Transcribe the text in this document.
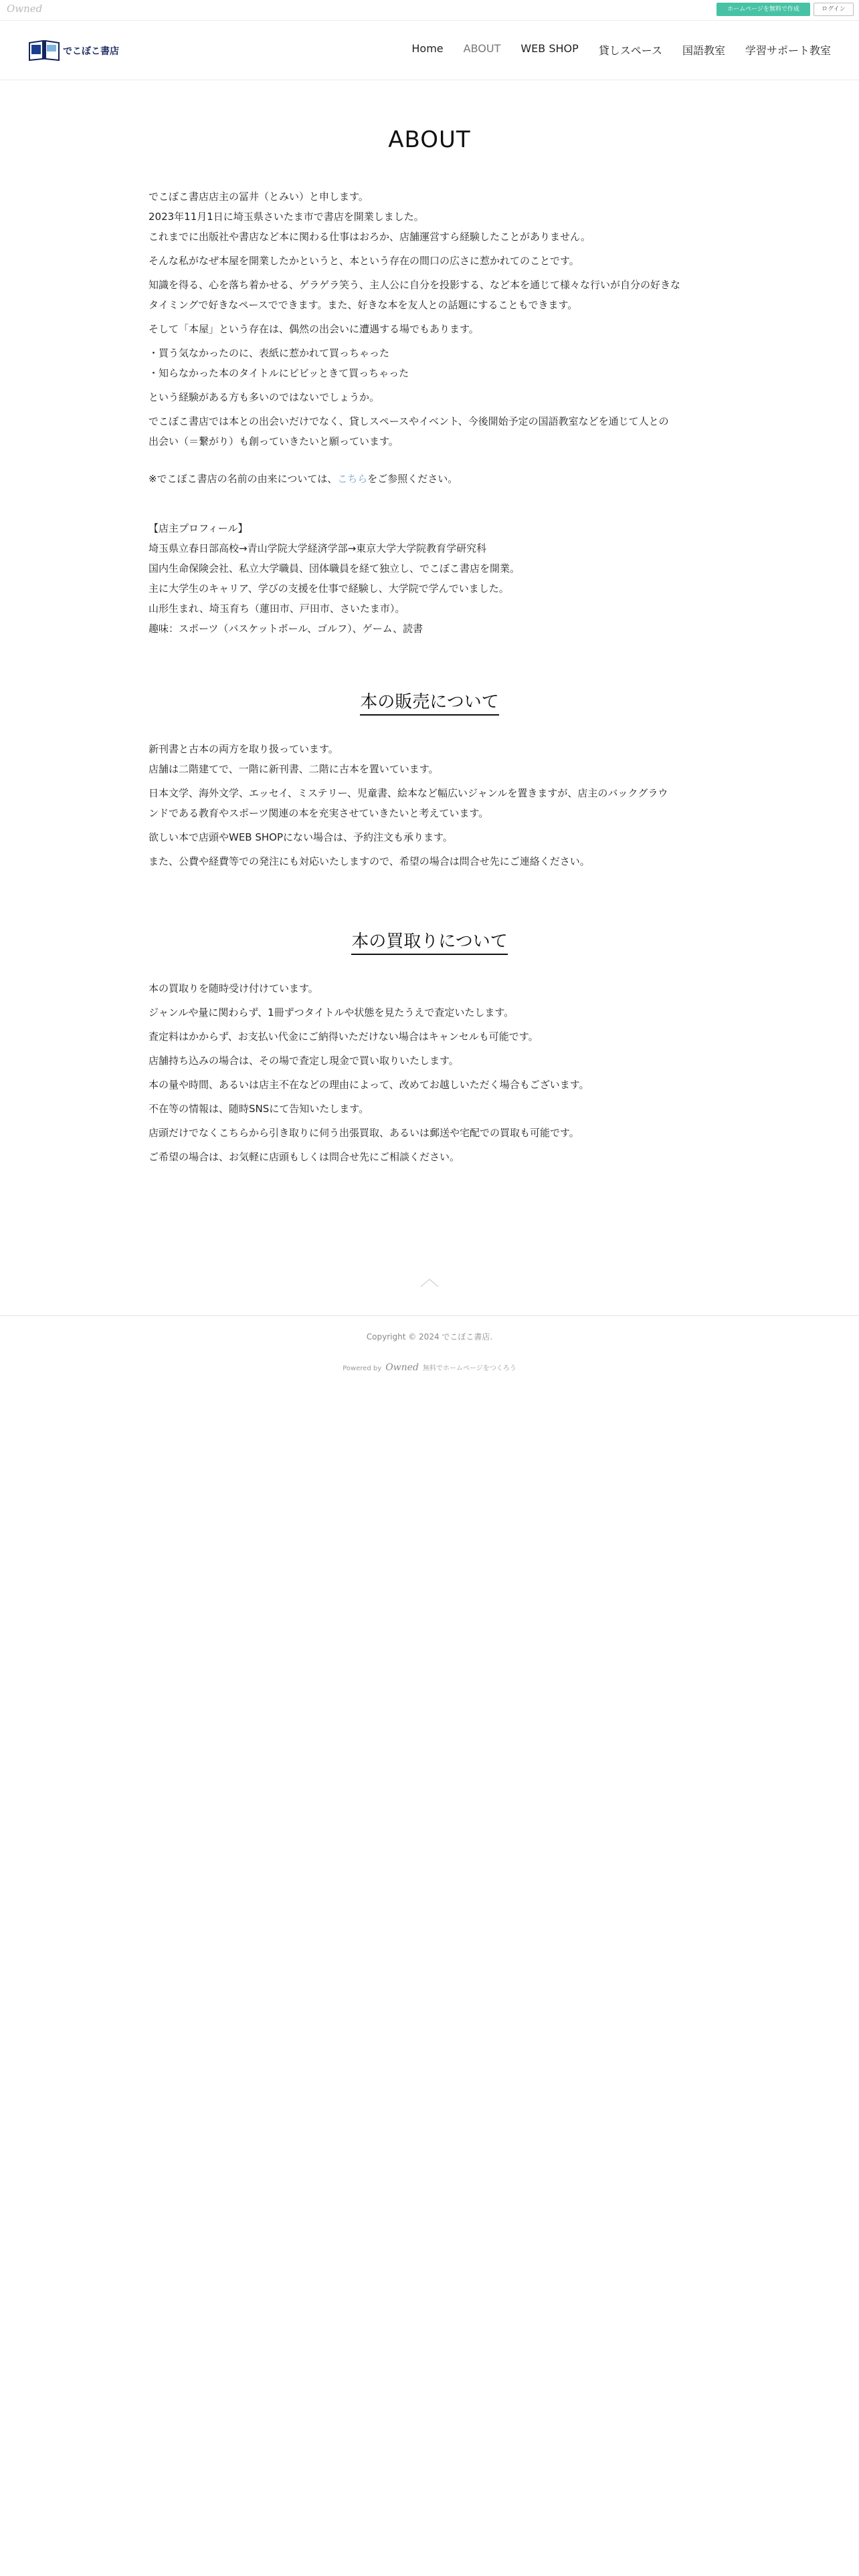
Owned	ホームページを無料で作成	ログイン
でこぼこ書店	Home ABOUT WEB SHOP 貸しスペース 国語教室 学習サポート教室
ABOUT
でこぼこ書店店主の冨井（とみい）と申します。
2023年11月1日に埼玉県さいたま市で書店を開業しました。
これまでに出版社や書店など本に関わる仕事はおろか、店舗運営すら経験したことがありません。
そんな私がなぜ本屋を開業したかというと、本という存在の間口の広さに惹かれてのことです。
知識を得る、心を落ち着かせる、ゲラゲラ笑う、主人公に自分を投影する、など本を通じて様々な行いが自分の好きな
タイミングで好きなペースでできます。また、好きな本を友人との話題にすることもできます。
そして「本屋」という存在は、偶然の出会いに遭遇する場でもあります。
・買う気なかったのに、表紙に惹かれて買っちゃった
・知らなかった本のタイトルにビビッときて買っちゃった
という経験がある方も多いのではないでしょうか。
でこぼこ書店では本との出会いだけでなく、貸しスペースやイベント、今後開始予定の国語教室などを通じて人との
出会い（＝繋がり）も創っていきたいと願っています。
※でこぼこ書店の名前の由来については、こちらをご参照ください。
【店主プロフィール】
埼玉県立春日部高校→青山学院大学経済学部→東京大学大学院教育学研究科
国内生命保険会社、私立大学職員、団体職員を経て独立し、でこぼこ書店を開業。
主に大学生のキャリア、学びの支援を仕事で経験し、大学院で学んでいました。
山形生まれ、埼玉育ち（蓮田市、戸田市、さいたま市）。
趣味：スポーツ（バスケットボール、ゴルフ）、ゲーム、読書
本の販売について
新刊書と古本の両方を取り扱っています。
店舗は二階建てで、一階に新刊書、二階に古本を置いています。
日本文学、海外文学、エッセイ、ミステリー、児童書、絵本など幅広いジャンルを置きますが、店主のバックグラウ
ンドである教育やスポーツ関連の本を充実させていきたいと考えています。
欲しい本で店頭やWEB SHOPにない場合は、予約注文も承ります。
また、公費や経費等での発注にも対応いたしますので、希望の場合は問合せ先にご連絡ください。
本の買取りについて
本の買取りを随時受け付けています。
ジャンルや量に関わらず、1冊ずつタイトルや状態を見たうえで査定いたします。
査定料はかからず、お支払い代金にご納得いただけない場合はキャンセルも可能です。
店舗持ち込みの場合は、その場で査定し現金で買い取りいたします。
本の量や時間、あるいは店主不在などの理由によって、改めてお越しいただく場合もございます。
不在等の情報は、随時SNSにて告知いたします。
店頭だけでなくこちらから引き取りに伺う出張買取、あるいは郵送や宅配での買取も可能です。
ご希望の場合は、お気軽に店頭もしくは問合せ先にご相談ください。
Copyright © 2024 でこぼこ書店.
Powered by Owned 無料でホームページをつくろう
